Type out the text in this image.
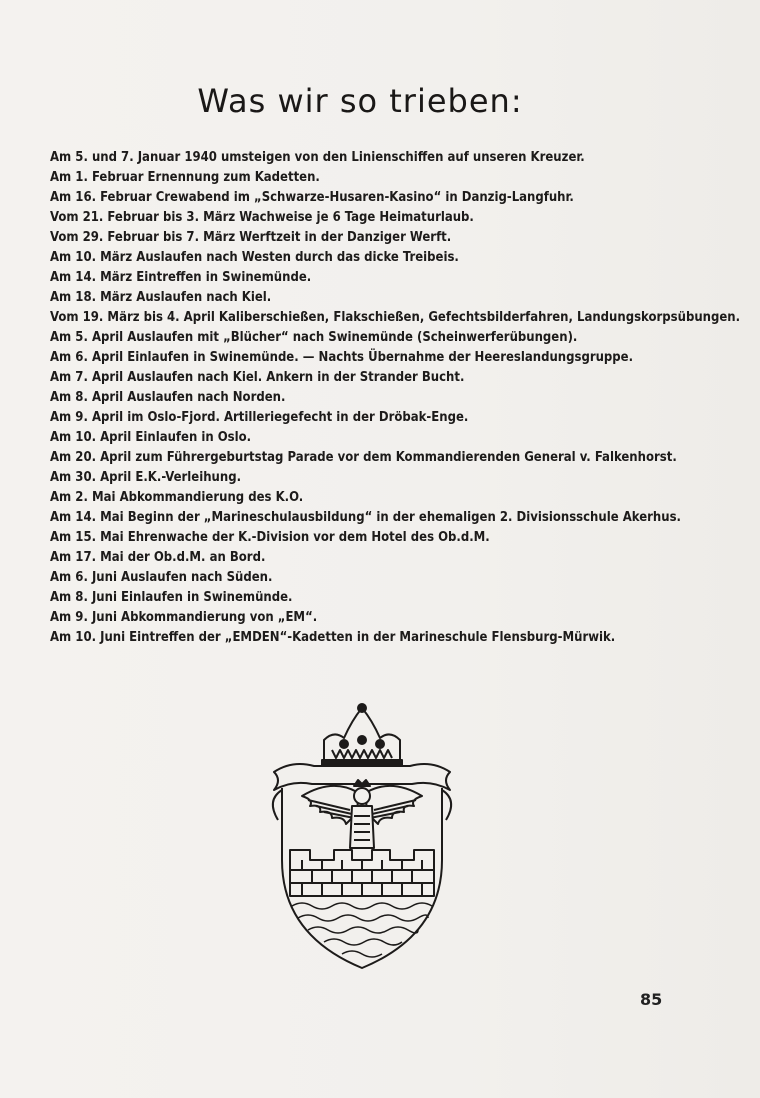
Was wir so trieben:
Am 5. und 7. Januar 1940 umsteigen von den Linienschiffen auf unseren Kreuzer.
Am 1. Februar Ernennung zum Kadetten.
Am 16. Februar Crewabend im „Schwarze-Husaren-Kasino“ in Danzig-Langfuhr.
Vom 21. Februar bis 3. März Wachweise je 6 Tage Heimaturlaub.
Vom 29. Februar bis 7. März Werftzeit in der Danziger Werft.
Am 10. März Auslaufen nach Westen durch das dicke Treibeis.
Am 14. März Eintreffen in Swinemünde.
Am 18. März Auslaufen nach Kiel.
Vom 19. März bis 4. April Kaliberschießen, Flakschießen, Gefechtsbilderfahren, Landungskorpsübungen.
Am 5. April Auslaufen mit „Blücher“ nach Swinemünde (Scheinwerferübungen).
Am 6. April Einlaufen in Swinemünde. — Nachts Übernahme der Heereslandungsgruppe.
Am 7. April Auslaufen nach Kiel. Ankern in der Strander Bucht.
Am 8. April Auslaufen nach Norden.
Am 9. April im Oslo-Fjord. Artilleriegefecht in der Dröbak-Enge.
Am 10. April Einlaufen in Oslo.
Am 20. April zum Führergeburtstag Parade vor dem Kommandierenden General v. Falkenhorst.
Am 30. April E.K.-Verleihung.
Am 2. Mai Abkommandierung des K.O.
Am 14. Mai Beginn der „Marineschulausbildung“ in der ehemaligen 2. Divisionsschule Akerhus.
Am 15. Mai Ehrenwache der K.-Division vor dem Hotel des Ob.d.M.
Am 17. Mai der Ob.d.M. an Bord.
Am 6. Juni Auslaufen nach Süden.
Am 8. Juni Einlaufen in Swinemünde.
Am 9. Juni Abkommandierung von „EM“.
Am 10. Juni Eintreffen der „EMDEN“-Kadetten in der Marineschule Flensburg-Mürwik.
85
